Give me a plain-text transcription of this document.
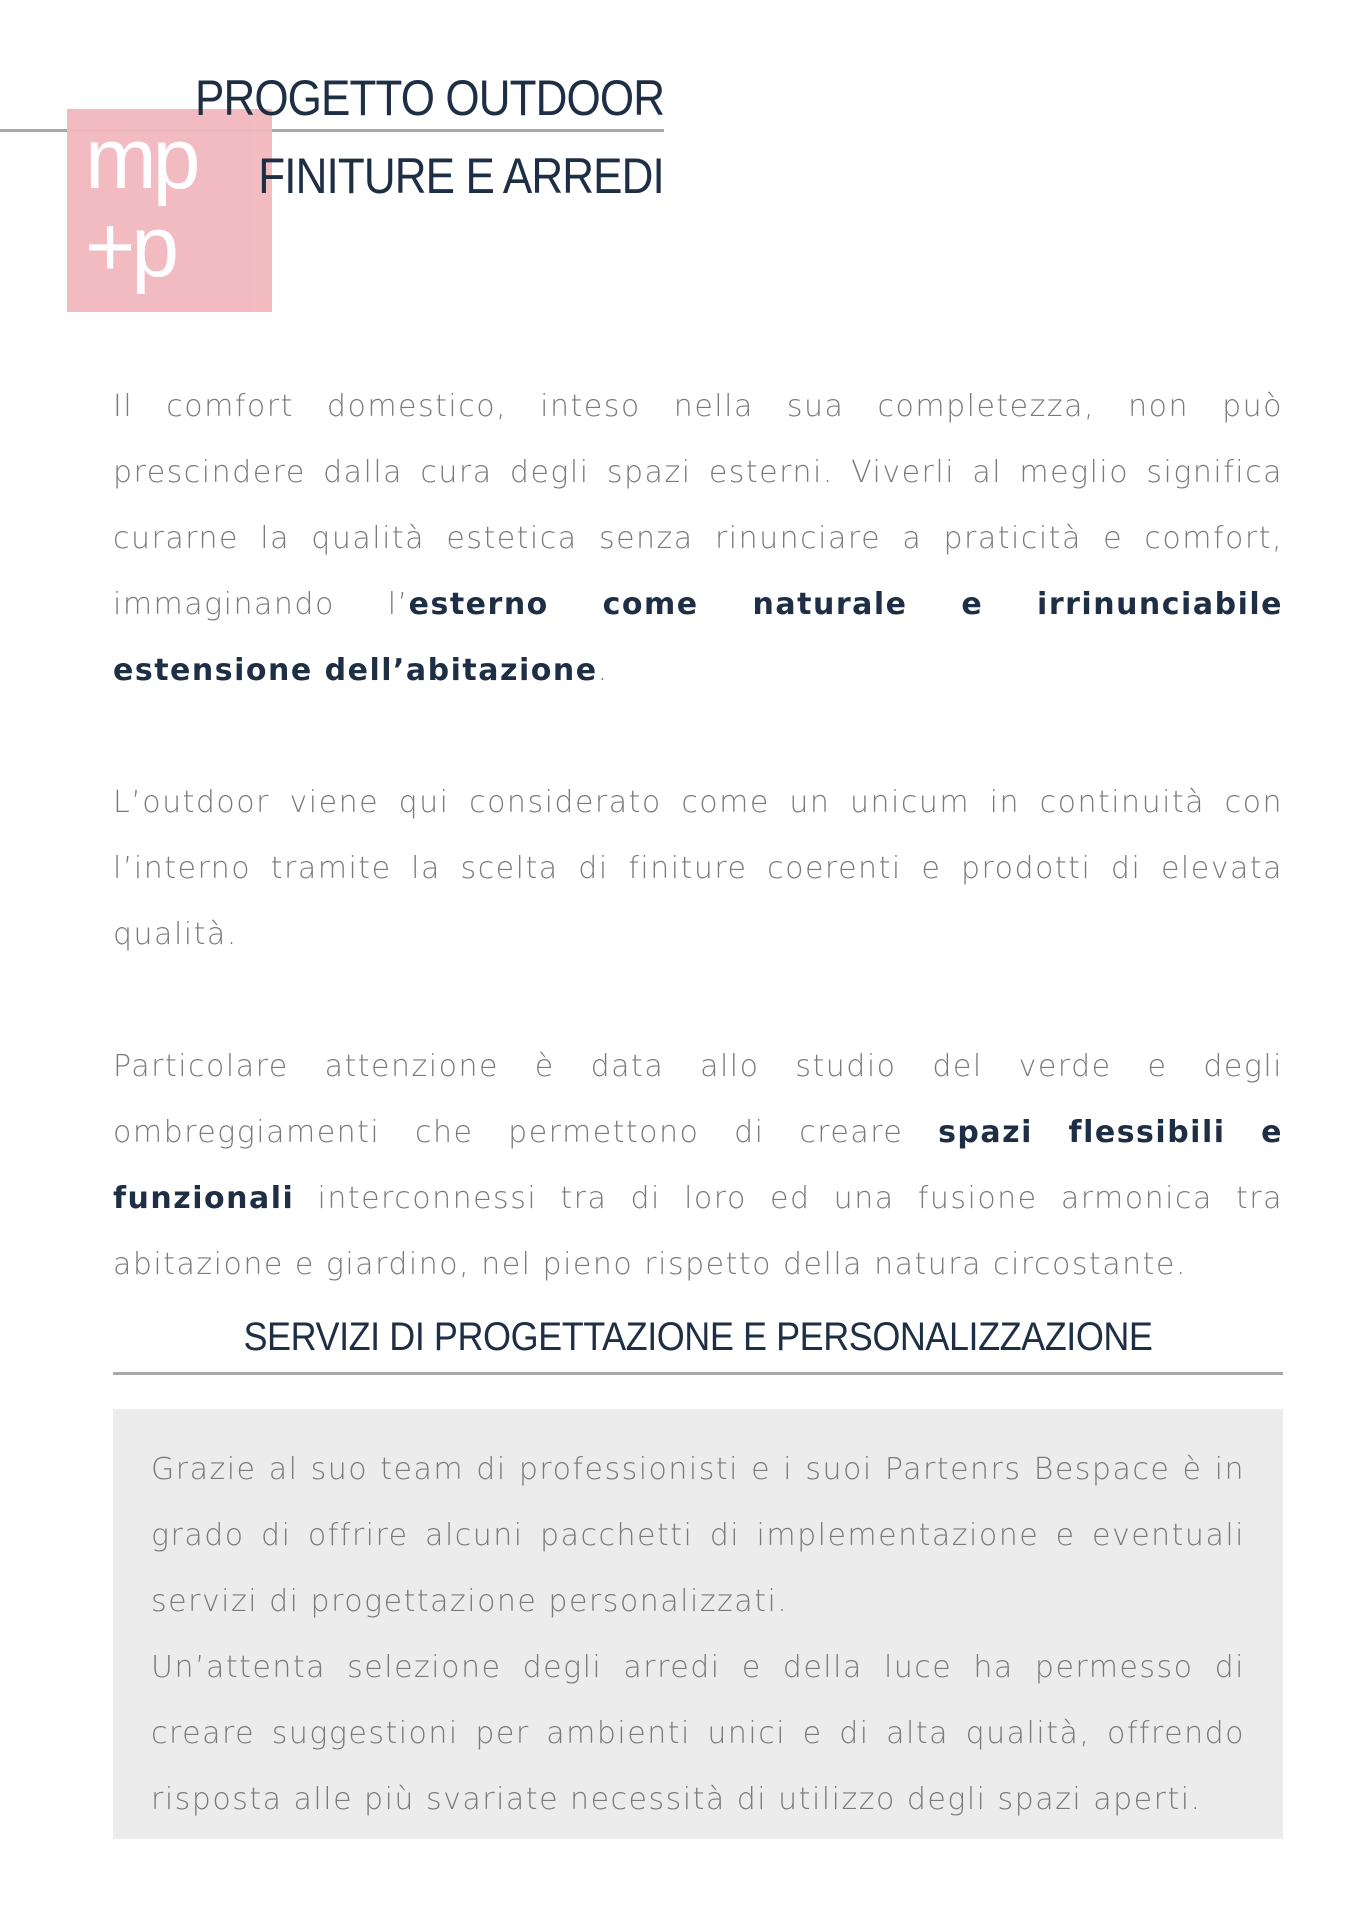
mp
+p
PROGETTO OUTDOOR
FINITURE E ARREDI

Il comfort domestico, inteso nella sua completezza, non può prescindere dalla cura degli spazi esterni. Viverli al meglio significa curarne la qualità estetica senza rinunciare a praticità e comfort, immaginando l’esterno come naturale e irrinunciabile estensione dell’abitazione.

L’outdoor viene qui considerato come un unicum in continuità con l’interno tramite la scelta di finiture coerenti e prodotti di elevata qualità.

Particolare attenzione è data allo studio del verde e degli ombreggiamenti che permettono di creare spazi flessibili e funzionali interconnessi tra di loro ed una fusione armonica tra abitazione e giardino, nel pieno rispetto della natura circostante.

SERVIZI DI PROGETTAZIONE E PERSONALIZZAZIONE

Grazie al suo team di professionisti e i suoi Partenrs Bespace è in grado di offrire alcuni pacchetti di implementazione e eventuali servizi di progettazione personalizzati.

Un’attenta selezione degli arredi e della luce ha permesso di creare suggestioni per ambienti unici e di alta qualità, offrendo risposta alle più svariate necessità di utilizzo degli spazi aperti.
